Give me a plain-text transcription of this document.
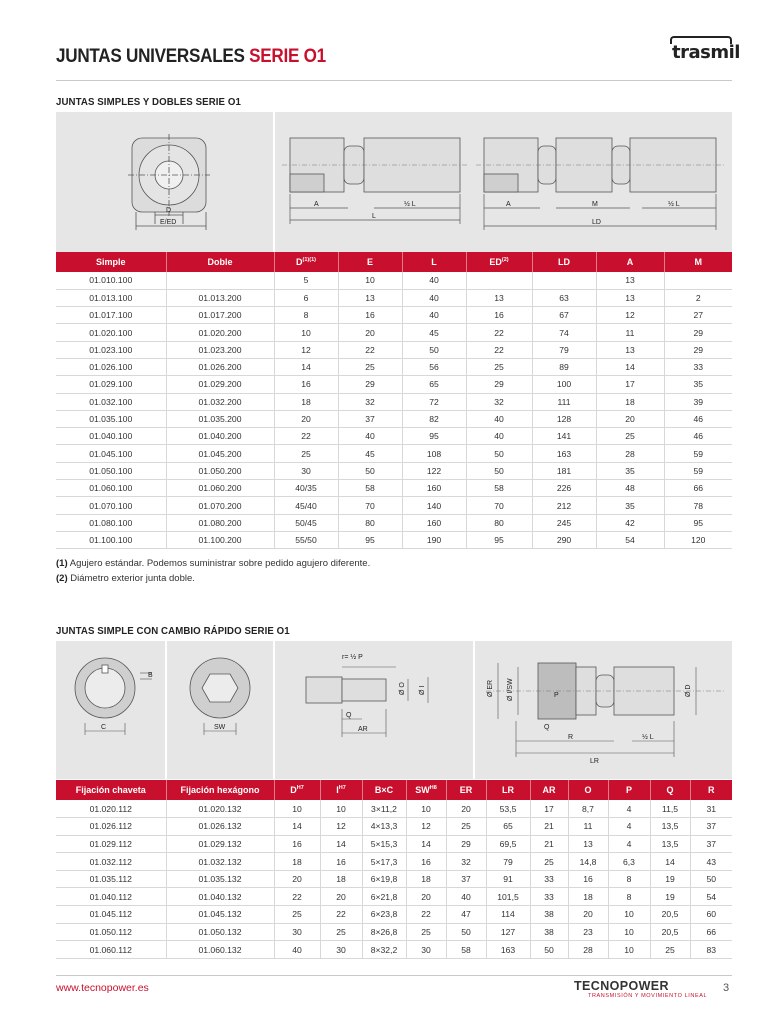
JUNTAS UNIVERSALES SERIE O1	trasmil
JUNTAS SIMPLES Y DOBLES SERIE O1
D
E/ED
A	½ L
L
A	M	½ L
LD
Simple	Doble	$D^{(1)(1)}$	E	L	ED$^{(2)}$	LD	A	M
01.010.100		5	10	40			13	
01.013.100	01.013.200	6	13	40	13	63	13	2
01.017.100	01.017.200	8	16	40	16	67	12	27
01.020.100	01.020.200	10	20	45	22	74	11	29
01.023.100	01.023.200	12	22	50	22	79	13	29
01.026.100	01.026.200	14	25	56	25	89	14	33
01.029.100	01.029.200	16	29	65	29	100	17	35
01.032.100	01.032.200	18	32	72	32	111	18	39
01.035.100	01.035.200	20	37	82	40	128	20	46
01.040.100	01.040.200	22	40	95	40	141	25	46
01.045.100	01.045.200	25	45	108	50	163	28	59
01.050.100	01.050.200	30	50	122	50	181	35	59
01.060.100	01.060.200	40/35	58	160	58	226	48	66
01.070.100	01.070.200	45/40	70	140	70	212	35	78
01.080.100	01.080.200	50/45	80	160	80	245	42	95
01.100.100	01.100.200	55/50	95	190	95	290	54	120
(1) Agujero estándar. Podemos suministrar sobre pedido agujero diferente.
(2) Diámetro exterior junta doble.
JUNTAS SIMPLE CON CAMBIO RÁPIDO SERIE O1
C
B
SW
r= ½ P
Q
AR
Ø O Ø I	Ø ER Ø I/SW	P
Q
Ø D
R	½ L
LR
Fijación chaveta	Fijación hexágono	$D^{H7}$	$I^{H7}$	B×C	$SW^{H8}$	ER	LR	AR	O	P	Q	R
01.020.112	01.020.132	10	10	3×11,2	10	20	53,5	17	8,7	4	11,5	31
01.026.112	01.026.132	14	12	4×13,3	12	25	65	21	11	4	13,5	37
01.029.112	01.029.132	16	14	5×15,3	14	29	69,5	21	13	4	13,5	37
01.032.112	01.032.132	18	16	5×17,3	16	32	79	25	14,8	6,3	14	43
01.035.112	01.035.132	20	18	6×19,8	18	37	91	33	16	8	19	50
01.040.112	01.040.132	22	20	6×21,8	20	40	101,5	33	18	8	19	54
01.045.112	01.045.132	25	22	6×23,8	22	47	114	38	20	10	20,5	60
01.050.112	01.050.132	30	25	8×26,8	25	50	127	38	23	10	20,5	66
01.060.112	01.060.132	40	30	8×32,2	30	58	163	50	28	10	25	83
www.tecnopower.es	TECNOPOWER
TRANSMISIÓN Y MOVIMIENTO LINEAL
3
